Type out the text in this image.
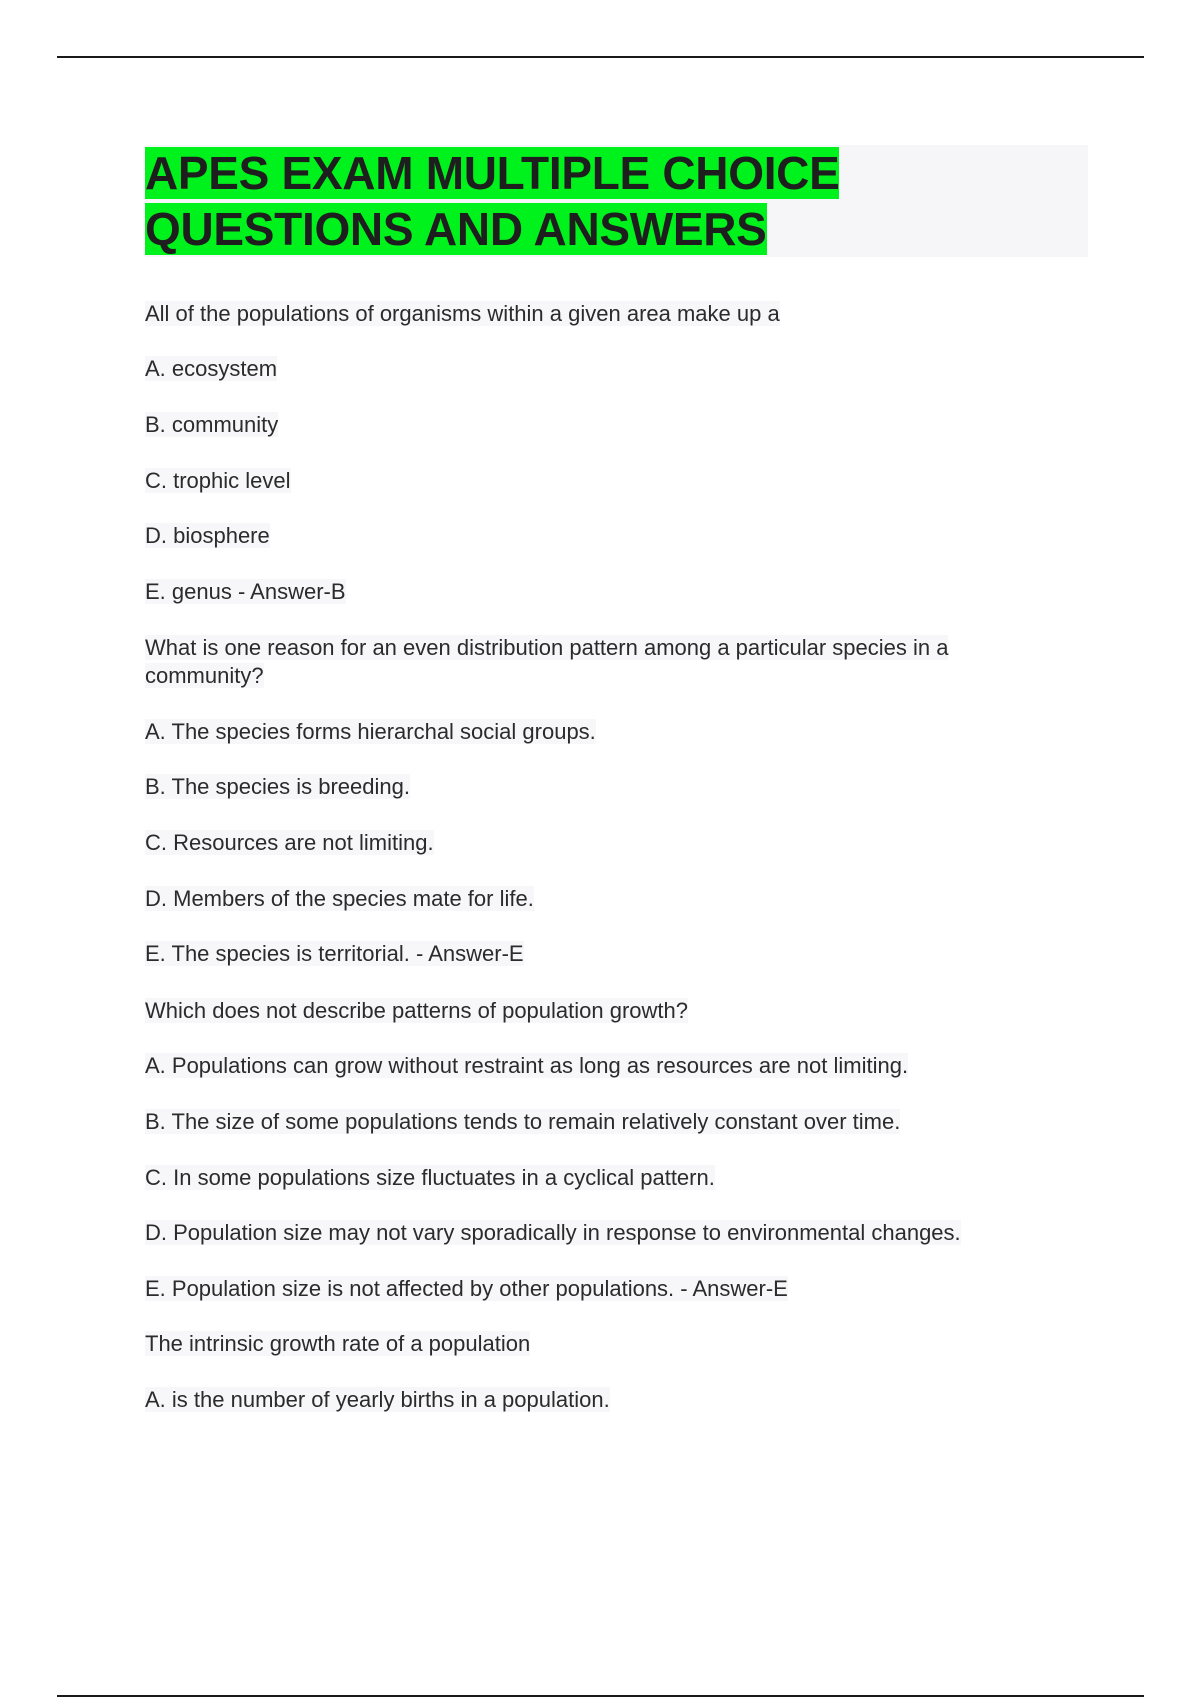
APES EXAM MULTIPLE CHOICE
QUESTIONS AND ANSWERS

All of the populations of organisms within a given area make up a

A. ecosystem

B. community

C. trophic level

D. biosphere

E. genus - Answer-B

What is one reason for an even distribution pattern among a particular species in a community?

A. The species forms hierarchal social groups.

B. The species is breeding.

C. Resources are not limiting.

D. Members of the species mate for life.

E. The species is territorial. - Answer-E

Which does not describe patterns of population growth?

A. Populations can grow without restraint as long as resources are not limiting.

B. The size of some populations tends to remain relatively constant over time.

C. In some populations size fluctuates in a cyclical pattern.

D. Population size may not vary sporadically in response to environmental changes.

E. Population size is not affected by other populations. - Answer-E

The intrinsic growth rate of a population

A. is the number of yearly births in a population.
